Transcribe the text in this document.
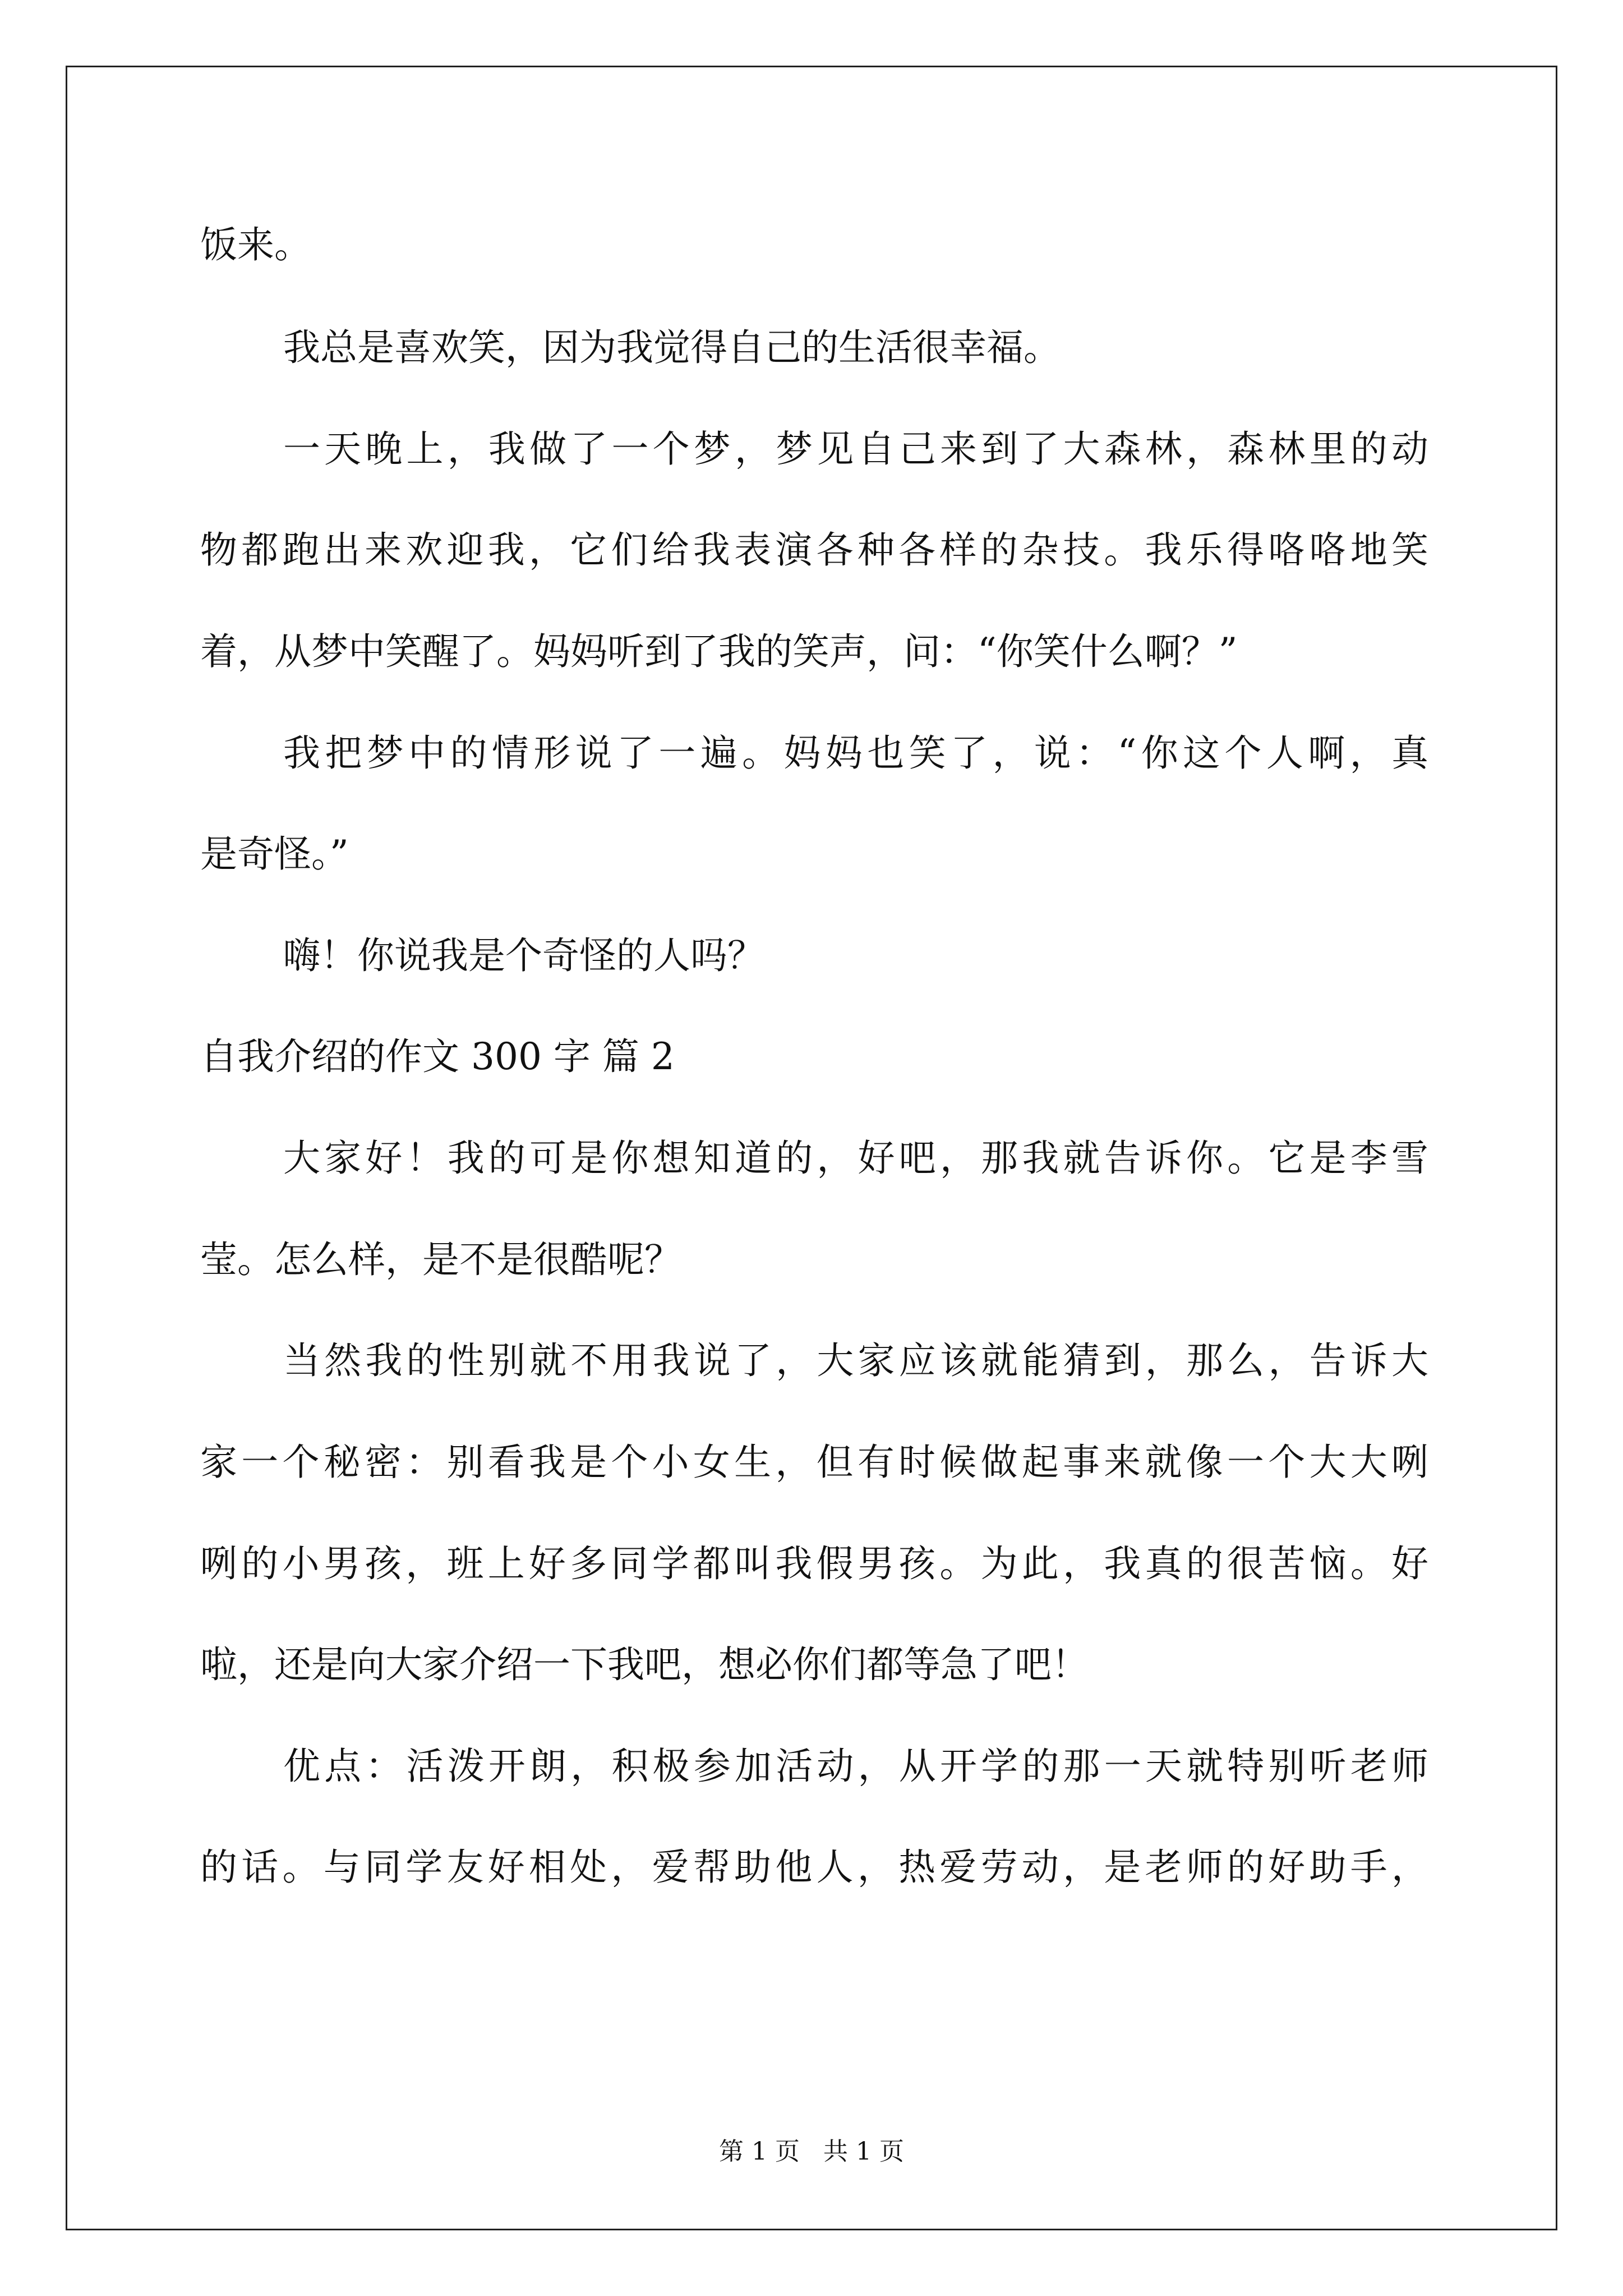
饭来。
我总是喜欢笑，因为我觉得自己的生活很幸福。
一天晚上，我做了一个梦，梦见自己来到了大森林，森林里的动
物都跑出来欢迎我，它们给我表演各种各样的杂技。我乐得咯咯地笑
着，从梦中笑醒了。妈妈听到了我的笑声，问：“你笑什么啊？”
我把梦中的情形说了一遍。妈妈也笑了，说：“你这个人啊，真
是奇怪。”
嗨！你说我是个奇怪的人吗？
自我介绍的作文 300 字 篇 2
大家好！我的可是你想知道的，好吧，那我就告诉你。它是李雪
莹。怎么样，是不是很酷呢？
当然我的性别就不用我说了，大家应该就能猜到，那么，告诉大
家一个秘密：别看我是个小女生，但有时候做起事来就像一个大大咧
咧的小男孩，班上好多同学都叫我假男孩。为此，我真的很苦恼。好
啦，还是向大家介绍一下我吧，想必你们都等急了吧！
优点：活泼开朗，积极参加活动，从开学的那一天就特别听老师
的话。与同学友好相处，爱帮助他人，热爱劳动，是老师的好助手，
第 1 页   共 1 页
